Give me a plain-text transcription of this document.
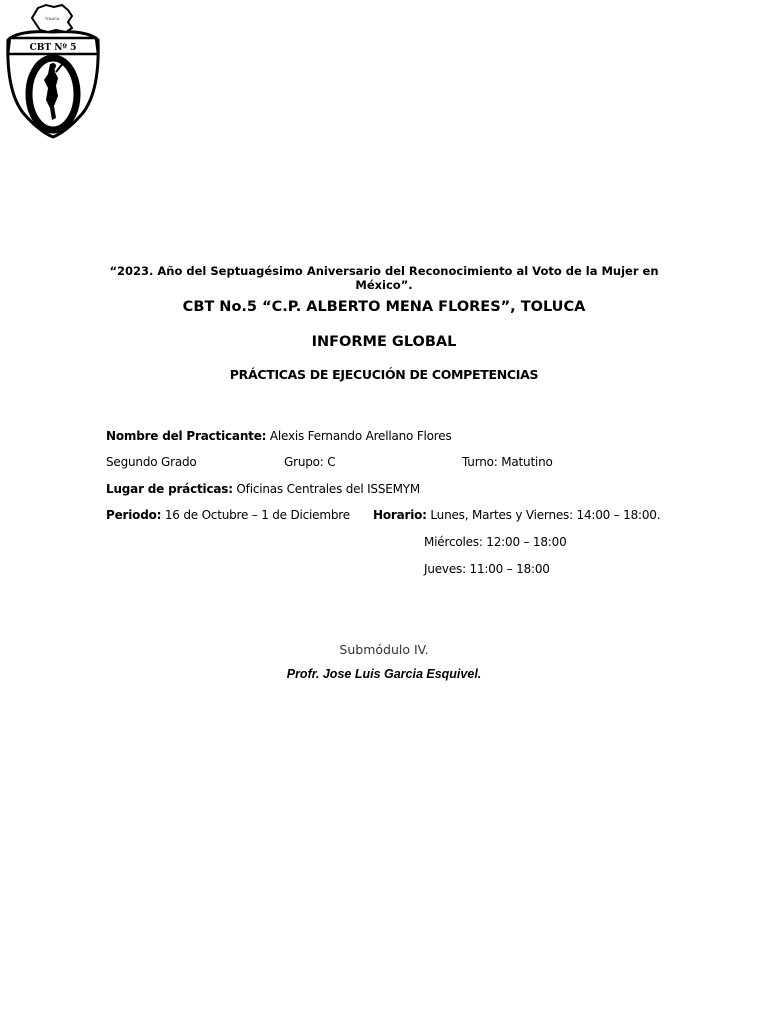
TOLUCA
CBT Nº 5
“2023. Año del Septuagésimo Aniversario del Reconocimiento al Voto de la Mujer en México”.
CBT No.5 “C.P. ALBERTO MENA FLORES”, TOLUCA
INFORME GLOBAL
PRÁCTICAS DE EJECUCIÓN DE COMPETENCIAS
Nombre del Practicante: Alexis Fernando Arellano Flores
Segundo Grado	Grupo: C	Turno: Matutino
Lugar de prácticas: Oficinas Centrales del ISSEMYM
Periodo: 16 de Octubre – 1 de Diciembre Horario: Lunes, Martes y Viernes: 14:00 – 18:00.
Miércoles: 12:00 – 18:00
Jueves: 11:00 – 18:00
Submódulo IV.
Profr. Jose Luis Garcia Esquivel.
